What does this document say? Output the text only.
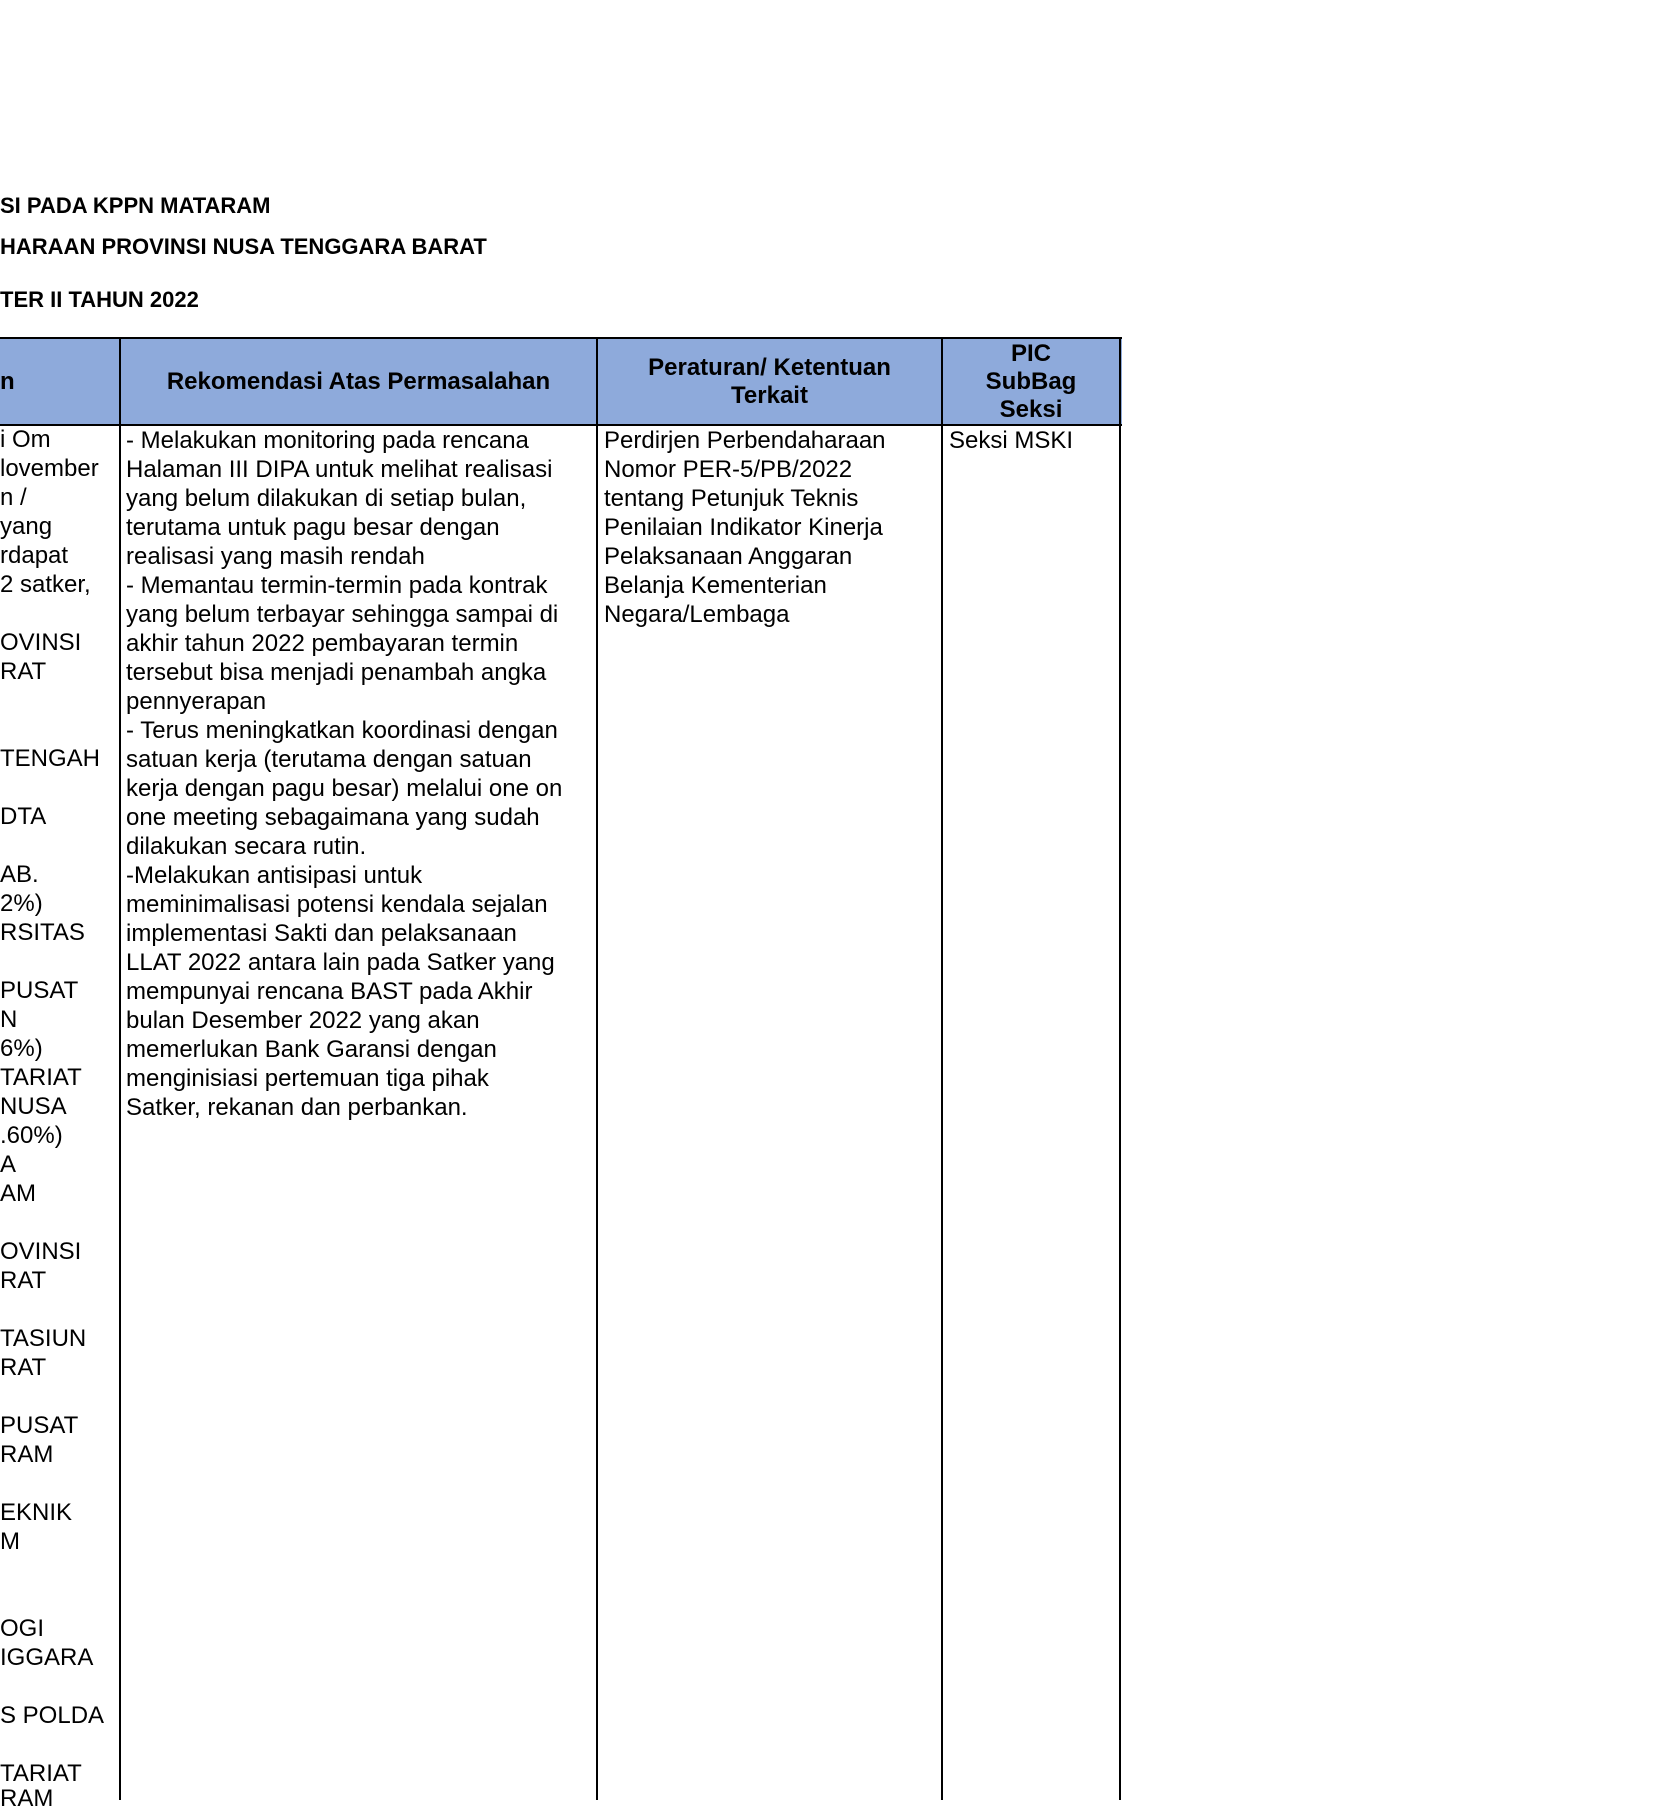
SI PADA KPPN MATARAM
HARAAN PROVINSI NUSA TENGGARA BARAT
TER II TAHUN 2022
n	Rekomendasi Atas Permasalahan
Peraturan/ Ketentuan Terkait
PIC SubBag Seksi
i Om
lovember
n /
yang
rdapat
2 satker,
OVINSI
RAT
TENGAH
DTA
AB.
2%)
RSITAS
PUSAT
N
6%)
TARIAT
NUSA
.60%)
A
AM
OVINSI
RAT
TASIUN
RAT
PUSAT
RAM
EKNIK
M
OGI
IGGARA
S POLDA
TARIAT
RAM
- Melakukan monitoring pada rencana
Halaman III DIPA untuk melihat realisasi
yang belum dilakukan di setiap bulan,
terutama untuk pagu besar dengan
realisasi yang masih rendah
- Memantau termin-termin pada kontrak
yang belum terbayar sehingga sampai di
akhir tahun 2022 pembayaran termin
tersebut bisa menjadi penambah angka
pennyerapan
- Terus meningkatkan koordinasi dengan
satuan kerja (terutama dengan satuan
kerja dengan pagu besar) melalui one on
one meeting sebagaimana yang sudah
dilakukan secara rutin.
-Melakukan antisipasi untuk
meminimalisasi potensi kendala sejalan
implementasi Sakti dan pelaksanaan
LLAT 2022 antara lain pada Satker yang
mempunyai rencana BAST pada Akhir
bulan Desember 2022 yang akan
memerlukan Bank Garansi dengan
menginisiasi pertemuan tiga pihak
Satker, rekanan dan perbankan.
Perdirjen Perbendaharaan
Nomor PER-5/PB/2022
tentang Petunjuk Teknis
Penilaian Indikator Kinerja
Pelaksanaan Anggaran
Belanja Kementerian
Negara/Lembaga
Seksi MSKI
